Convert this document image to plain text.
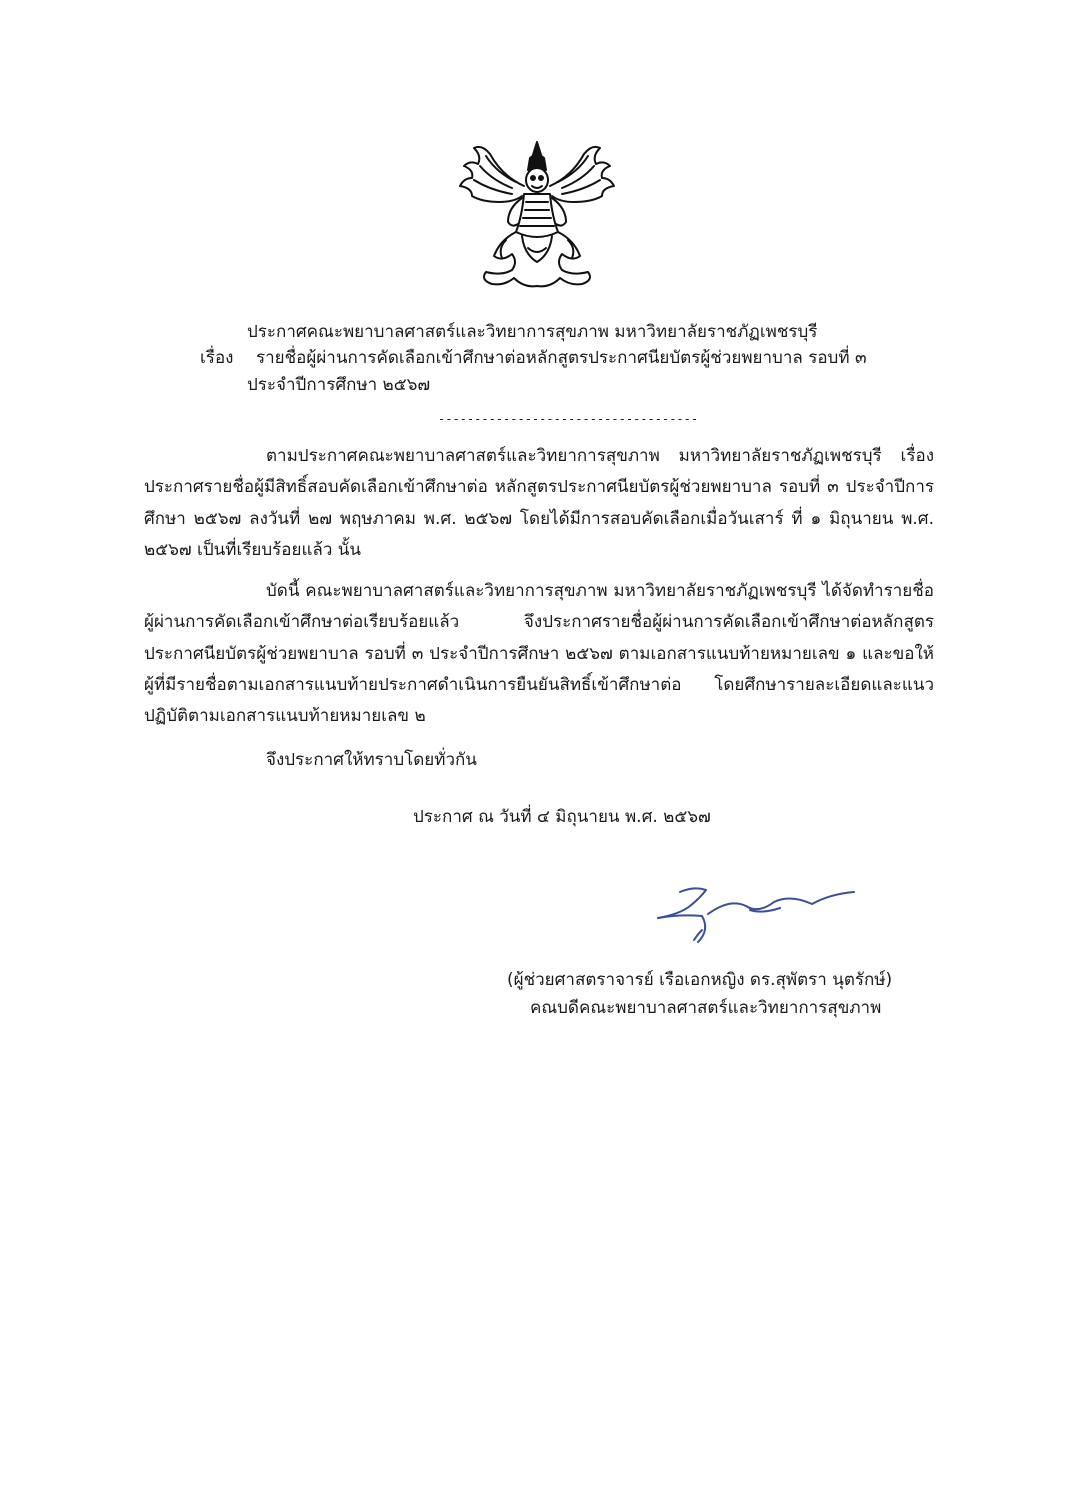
ประกาศคณะพยาบาลศาสตร์และวิทยาการสุขภาพ มหาวิทยาลัยราชภัฏเพชรบุรี
เรื่อง รายชื่อผู้ผ่านการคัดเลือกเข้าศึกษาต่อหลักสูตรประกาศนียบัตรผู้ช่วยพยาบาล รอบที่ ๓
ประจำปีการศึกษา ๒๕๖๗
------------------------------------
ตามประกาศคณะพยาบาลศาสตร์และวิทยาการสุขภาพ มหาวิทยาลัยราชภัฏเพชรบุรี เรื่อง ประกาศรายชื่อผู้มีสิทธิ์สอบคัดเลือกเข้าศึกษาต่อ หลักสูตรประกาศนียบัตรผู้ช่วยพยาบาล รอบที่ ๓ ประจำปีการศึกษา ๒๕๖๗ ลงวันที่ ๒๗ พฤษภาคม พ.ศ. ๒๕๖๗ โดยได้มีการสอบคัดเลือกเมื่อวันเสาร์ ที่ ๑ มิถุนายน พ.ศ. ๒๕๖๗ เป็นที่เรียบร้อยแล้ว นั้น
บัดนี้ คณะพยาบาลศาสตร์และวิทยาการสุขภาพ มหาวิทยาลัยราชภัฏเพชรบุรี ได้จัดทำรายชื่อผู้ผ่านการคัดเลือกเข้าศึกษาต่อเรียบร้อยแล้ว จึงประกาศรายชื่อผู้ผ่านการคัดเลือกเข้าศึกษาต่อหลักสูตรประกาศนียบัตรผู้ช่วยพยาบาล รอบที่ ๓ ประจำปีการศึกษา ๒๕๖๗ ตามเอกสารแนบท้ายหมายเลข ๑ และขอให้ผู้ที่มีรายชื่อตามเอกสารแนบท้ายประกาศดำเนินการยืนยันสิทธิ์เข้าศึกษาต่อ โดยศึกษารายละเอียดและแนวปฏิบัติตามเอกสารแนบท้ายหมายเลข ๒
จึงประกาศให้ทราบโดยทั่วกัน
ประกาศ ณ วันที่ ๔ มิถุนายน พ.ศ. ๒๕๖๗
(ผู้ช่วยศาสตราจารย์ เรือเอกหญิง ดร.สุพัตรา นุตรักษ์)
คณบดีคณะพยาบาลศาสตร์และวิทยาการสุขภาพ
